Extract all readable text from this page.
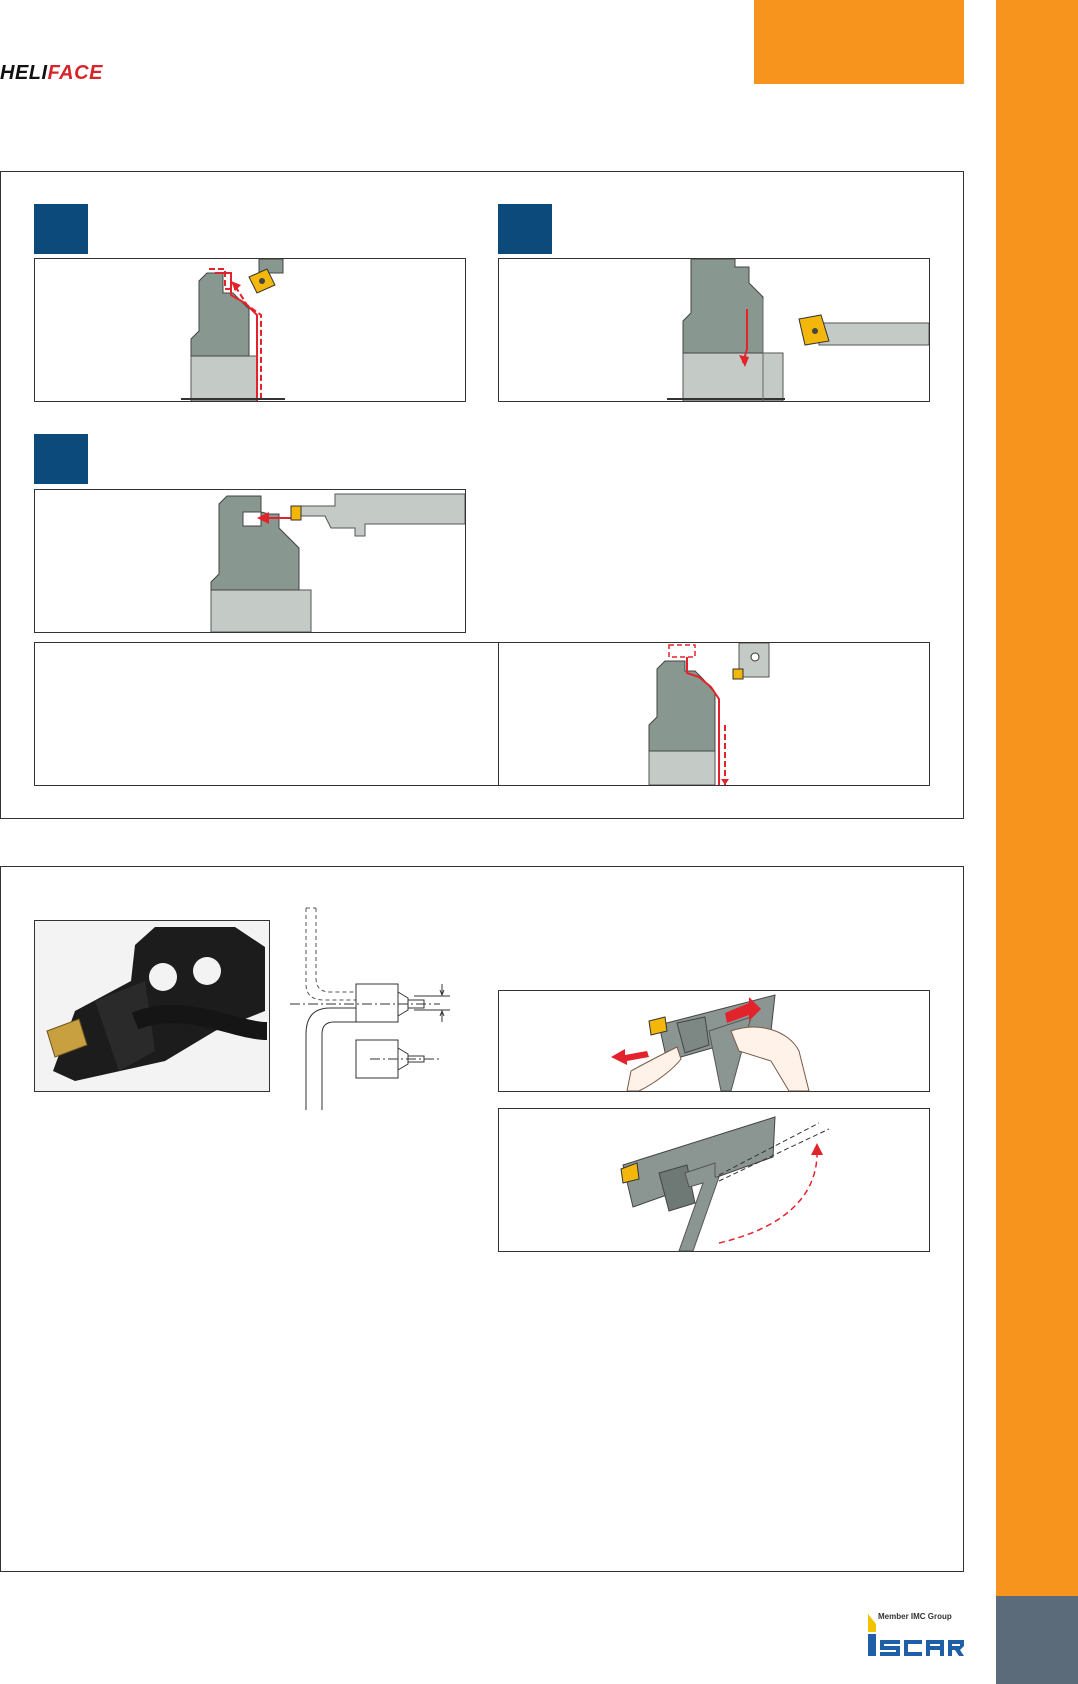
HELIFACE
Member IMC Group
